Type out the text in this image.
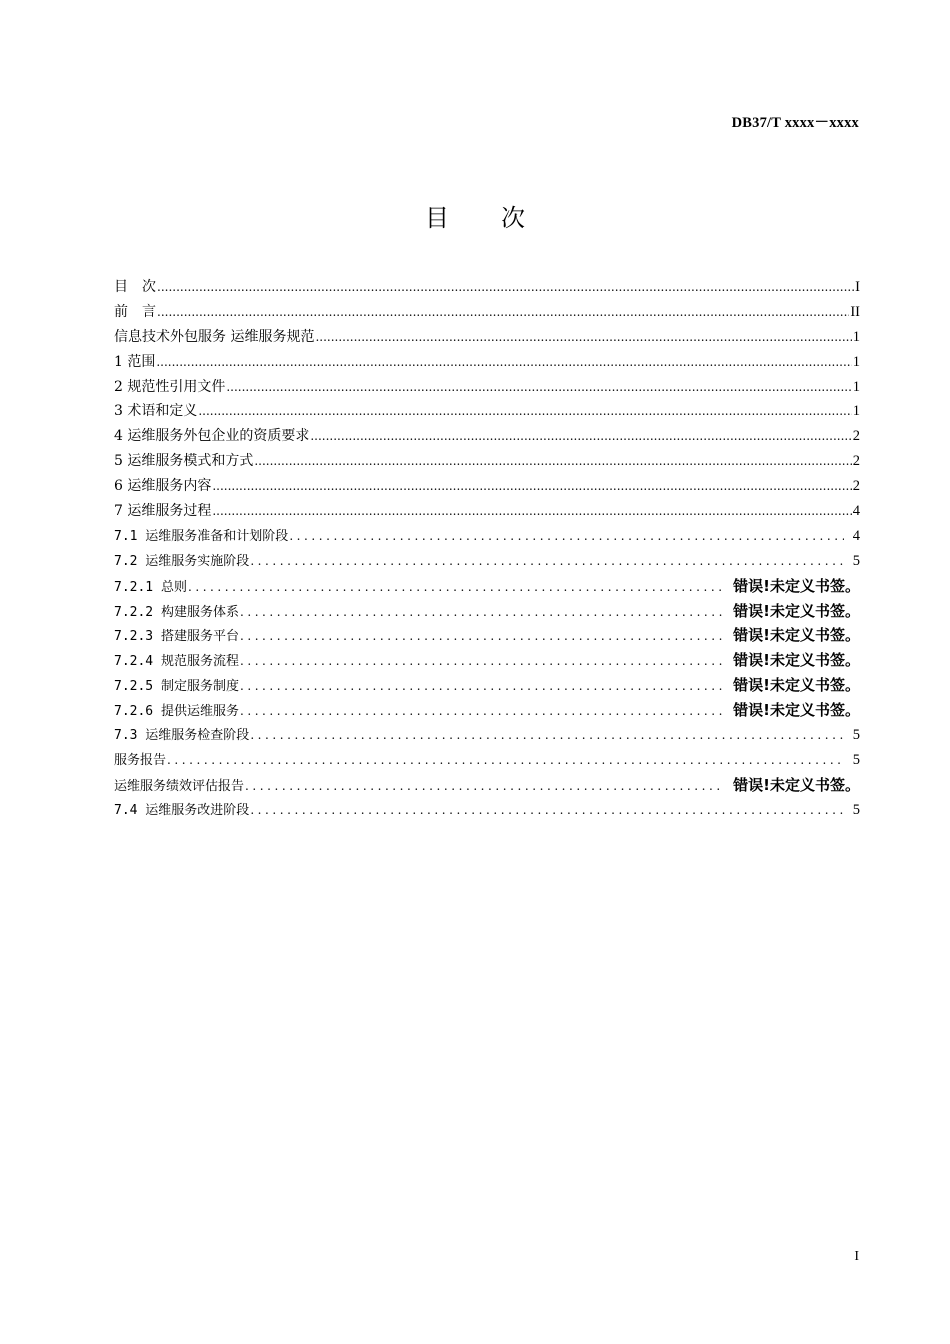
DB37/T xxxx－xxxx
目 次
目　次 .....	I
前　言 .....	II
信息技术外包服务 运维服务规范 .....	1
1 范围 .....	1
2 规范性引用文件 .....	1
3 术语和定义 .....	1
4 运维服务外包企业的资质要求 .....	2
5 运维服务模式和方式 .....	2
6 运维服务内容 .....	2
7 运维服务过程 .....	4
7.1 运维服务准备和计划阶段 .....	4
7.2 运维服务实施阶段 .....	5
7.2.1 总则 .....	错误!未定义书签。
7.2.2 构建服务体系 .....	错误!未定义书签。
7.2.3 搭建服务平台 .....	错误!未定义书签。
7.2.4 规范服务流程 .....	错误!未定义书签。
7.2.5 制定服务制度 .....	错误!未定义书签。
7.2.6 提供运维服务 .....	错误!未定义书签。
7.3 运维服务检查阶段 .....	5
服务报告 .....	5
运维服务绩效评估报告 .....	错误!未定义书签。
7.4 运维服务改进阶段 .....	5
I
